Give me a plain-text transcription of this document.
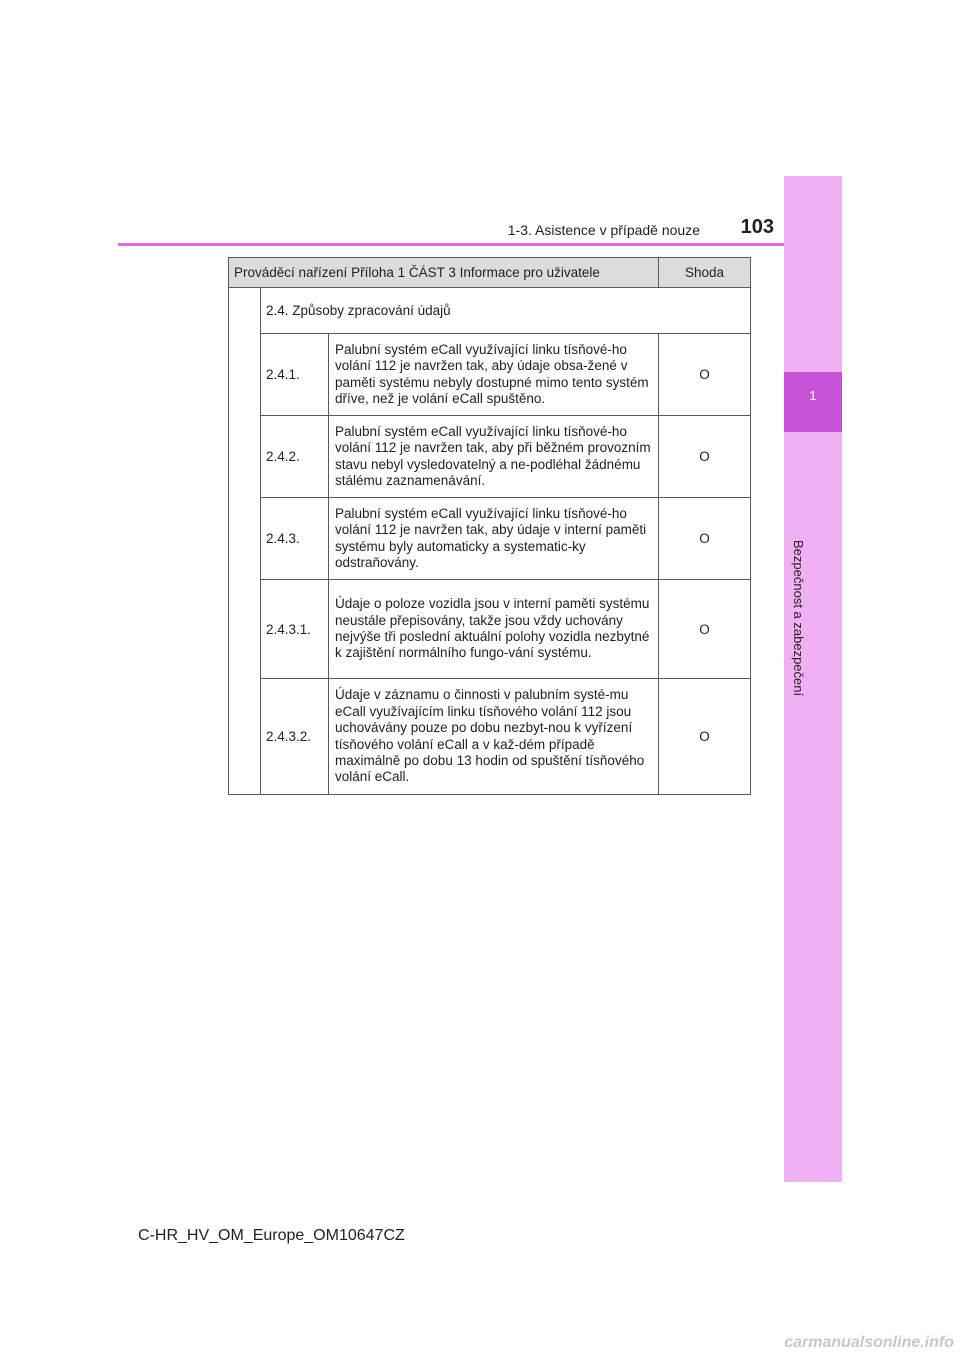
1
Bezpečnost a zabezpečení
1-3. Asistence v případě nouze	103
Prováděcí nařízení Příloha 1 ČÁST 3 Informace pro uživatele			Shoda
	2.4. Způsoby zpracování údajů		
	2.4.1.	Palubní systém eCall využívající linku tísňové-ho volání 112 je navržen tak, aby údaje obsa-žené v paměti systému nebyly dostupné mimo tento systém dříve, než je volání eCall spuštěno.	O
	2.4.2.	Palubní systém eCall využívající linku tísňové-ho volání 112 je navržen tak, aby při běžném provozním stavu nebyl vysledovatelný a ne-podléhal žádnému stálému zaznamenávání.	O
	2.4.3.	Palubní systém eCall využívající linku tísňové-ho volání 112 je navržen tak, aby údaje v interní paměti systému byly automaticky a systematic-ky odstraňovány.	O
	2.4.3.1.	Údaje o poloze vozidla jsou v interní paměti systému neustále přepisovány, takže jsou vždy uchovány nejvýše tři poslední aktuální polohy vozidla nezbytné k zajištění normálního fungo-vání systému.	O
	2.4.3.2.	Údaje v záznamu o činnosti v palubním systé-mu eCall využívajícím linku tísňového volání 112 jsou uchovávány pouze po dobu nezbyt-nou k vyřízení tísňového volání eCall a v kaž-dém případě maximálně po dobu 13 hodin od spuštění tísňového volání eCall.	O
C-HR_HV_OM_Europe_OM10647CZ
carmanualsonline.info
